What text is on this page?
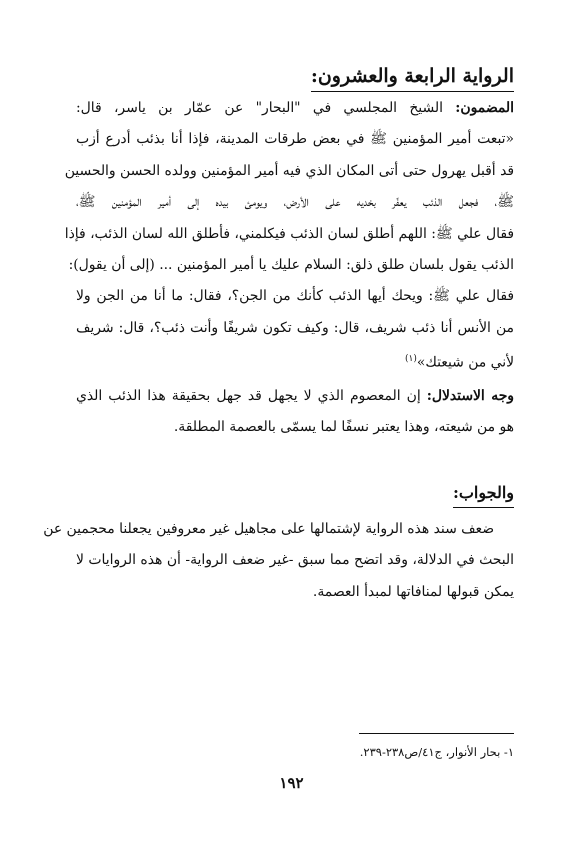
الرواية الرابعة والعشرون:
المضمون: الشيخ المجلسي في "البحار" عن عمّار بن ياسر، قال:
«تبعت أمير المؤمنين ﷺ في بعض طرقات المدينة، فإذا أنا بذئب أدرع أزب
قد أقبل يهرول حتى أتى المكان الذي فيه أمير المؤمنين وولده الحسن والحسين
ﷺ، فجعل الذئب يعفّر بخديه على الأرض، ويومئ بيده إلى أمير المؤمنين ﷺ،
فقال علي ﷺ: اللهم أطلق لسان الذئب فيكلمني، فأطلق الله لسان الذئب، فإذا
الذئب يقول بلسان طلق ذلق: السلام عليك يا أمير المؤمنين ... (إلى أن يقول):
فقال علي ﷺ: ويحك أيها الذئب كأنك من الجن؟، فقال: ما أنا من الجن ولا
من الأنس أنا ذئب شريف، قال: وكيف تكون شريفًا وأنت ذئب؟، قال: شريف
لأني من شيعتك»$^{(١)}$
وجه الاستدلال: إن المعصوم الذي لا يجهل قد جهل بحقيقة هذا الذئب الذي
هو من شيعته، وهذا يعتبر نسفًا لما يسمّى بالعصمة المطلقة.
والجواب:
ضعف سند هذه الرواية لإشتمالها على مجاهيل غير معروفين يجعلنا محجمين عن
البحث في الدلالة، وقد اتضح مما سبق -غير ضعف الرواية- أن هذه الروايات لا
يمكن قبولها لمنافاتها لمبدأ العصمة.
١- بحار الأنوار، ج٤١/ص٢٣٨-٢٣٩.
١٩٢
